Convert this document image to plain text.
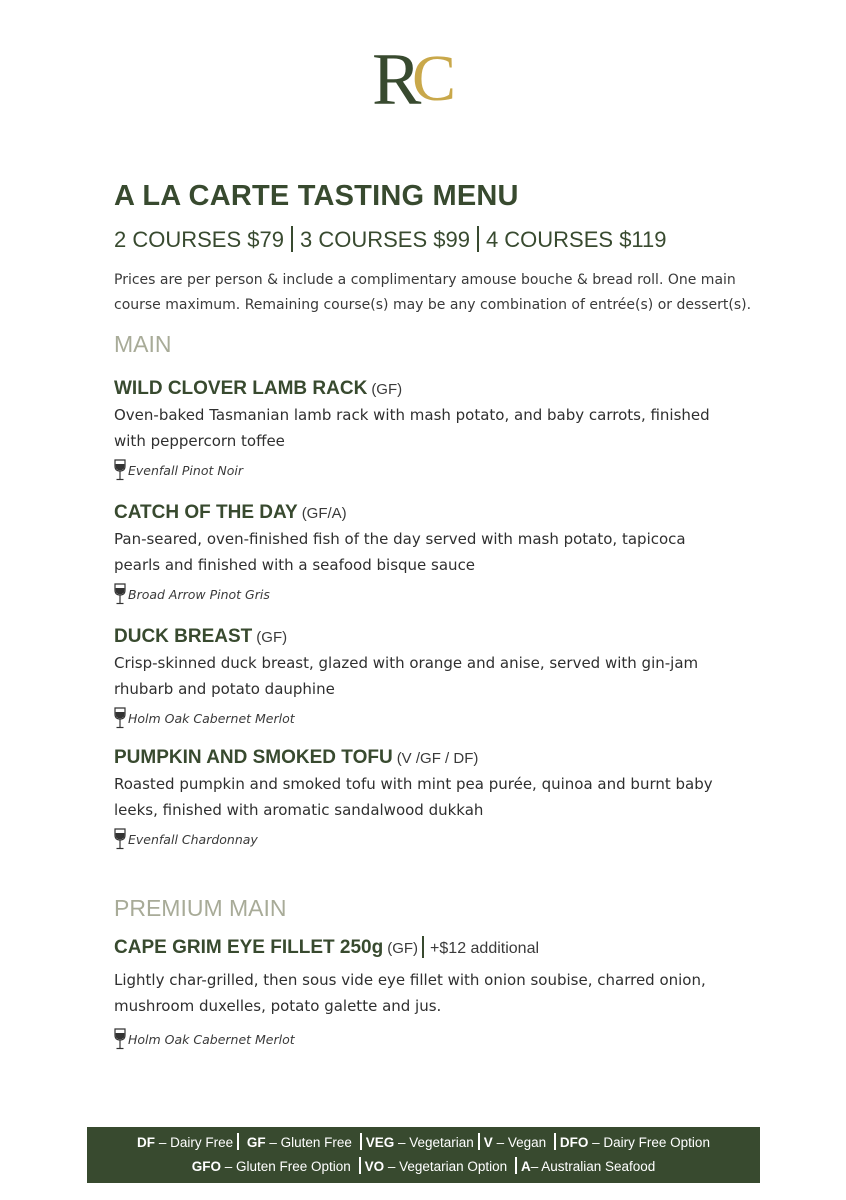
R
C
A LA CARTE TASTING MENU
2 COURSES $79 3 COURSES $99 4 COURSES $119
Prices are per person & include a complimentary amouse bouche & bread roll. One main course maximum. Remaining course(s) may be any combination of entrée(s) or dessert(s).
MAIN
WILD CLOVER LAMB RACK (GF)
Oven-baked Tasmanian lamb rack with mash potato, and baby carrots, finished with peppercorn toffee
Evenfall Pinot Noir
CATCH OF THE DAY (GF/A)
Pan-seared, oven-finished fish of the day served with mash potato, tapicoca pearls and finished with a seafood bisque sauce
Broad Arrow Pinot Gris
DUCK BREAST (GF)
Crisp-skinned duck breast, glazed with orange and anise, served with gin-jam rhubarb and potato dauphine
Holm Oak Cabernet Merlot
PUMPKIN AND SMOKED TOFU (V /GF / DF)
Roasted pumpkin and smoked tofu with mint pea purée, quinoa and burnt baby leeks, finished with aromatic sandalwood dukkah
Evenfall Chardonnay
PREMIUM MAIN
CAPE GRIM EYE FILLET 250g (GF) +$12 additional
Lightly char-grilled, then sous vide eye fillet with onion soubise, charred onion, mushroom duxelles, potato galette and jus.
Holm Oak Cabernet Merlot
DF – Dairy Free GF – Gluten Free VEG – Vegetarian V – Vegan DFO – Dairy Free Option
GFO – Gluten Free Option VO – Vegetarian Option A– Australian Seafood
